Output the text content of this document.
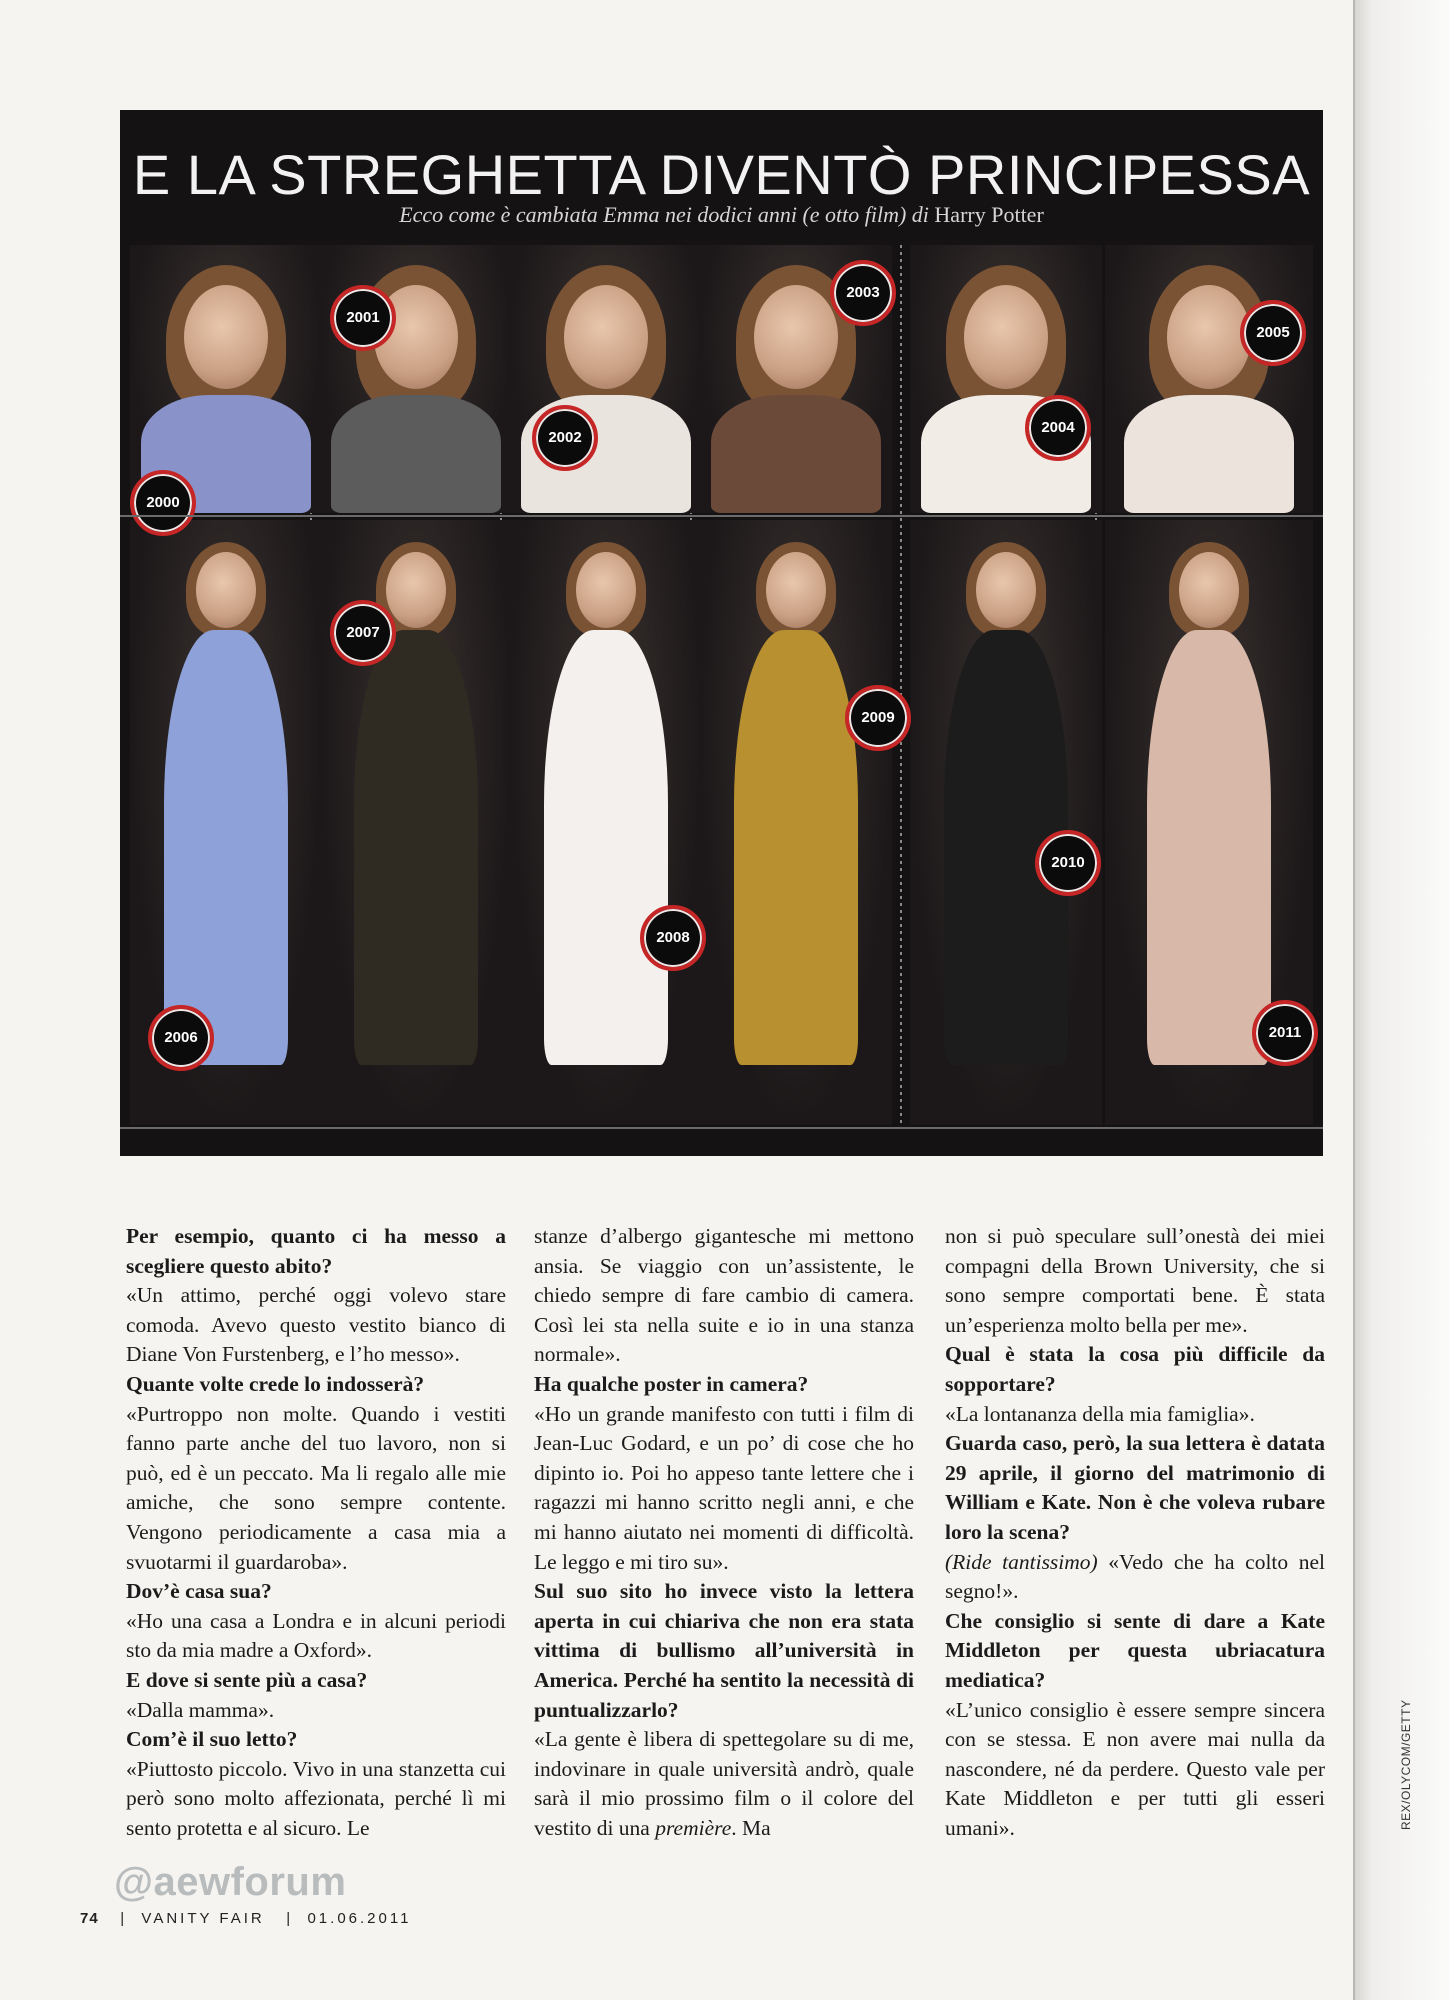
E LA STREGHETTA DIVENTÒ PRINCIPESSA
Ecco come è cambiata Emma nei dodici anni (e otto film) di Harry Potter
2000
2001
2002
2003
2004
2005
2006
2007
2008
2009
2010
2011

Per esempio, quanto ci ha messo a scegliere questo abito?

«Un attimo, perché oggi volevo stare comoda. Avevo questo vestito bianco di Diane Von Furstenberg, e l’ho messo».

Quante volte crede lo indosserà?

«Purtroppo non molte. Quando i vestiti fanno parte anche del tuo lavoro, non si può, ed è un peccato. Ma li regalo alle mie amiche, che sono sempre contente. Vengono periodicamente a casa mia a svuotarmi il guardaroba».

Dov’è casa sua?

«Ho una casa a Londra e in alcuni periodi sto da mia madre a Oxford».

E dove si sente più a casa?

«Dalla mamma».

Com’è il suo letto?

«Piuttosto piccolo. Vivo in una stanzetta cui però sono molto affezionata, perché lì mi sento protetta e al sicuro. Le

stanze d’albergo gigantesche mi mettono ansia. Se viaggio con un’assistente, le chiedo sempre di fare cambio di camera. Così lei sta nella suite e io in una stanza normale».

Ha qualche poster in camera?

«Ho un grande manifesto con tutti i film di Jean-Luc Godard, e un po’ di cose che ho dipinto io. Poi ho appeso tante lettere che i ragazzi mi hanno scritto negli anni, e che mi hanno aiutato nei momenti di difficoltà. Le leggo e mi tiro su».

Sul suo sito ho invece visto la lettera aperta in cui chiariva che non era stata vittima di bullismo all’università in America. Perché ha sentito la necessità di puntualizzarlo?

«La gente è libera di spettegolare su di me, indovinare in quale università andrò, quale sarà il mio prossimo film o il colore del vestito di una première. Ma

non si può speculare sull’onestà dei miei compagni della Brown University, che si sono sempre comportati bene. È stata un’esperienza molto bella per me».

Qual è stata la cosa più difficile da sopportare?

«La lontananza della mia famiglia».

Guarda caso, però, la sua lettera è datata 29 aprile, il giorno del matrimonio di William e Kate. Non è che voleva rubare loro la scena?

(Ride tantissimo) «Vedo che ha colto nel segno!».

Che consiglio si sente di dare a Kate Middleton per questa ubriacatura mediatica?

«L’unico consiglio è essere sempre sincera con se stessa. E non avere mai nulla da nascondere, né da perdere. Questo vale per Kate Middleton e per tutti gli esseri umani».	REX/OLYCOM/GETTY
@aewforum
74   |  VANITY FAIR   |  01.06.2011
